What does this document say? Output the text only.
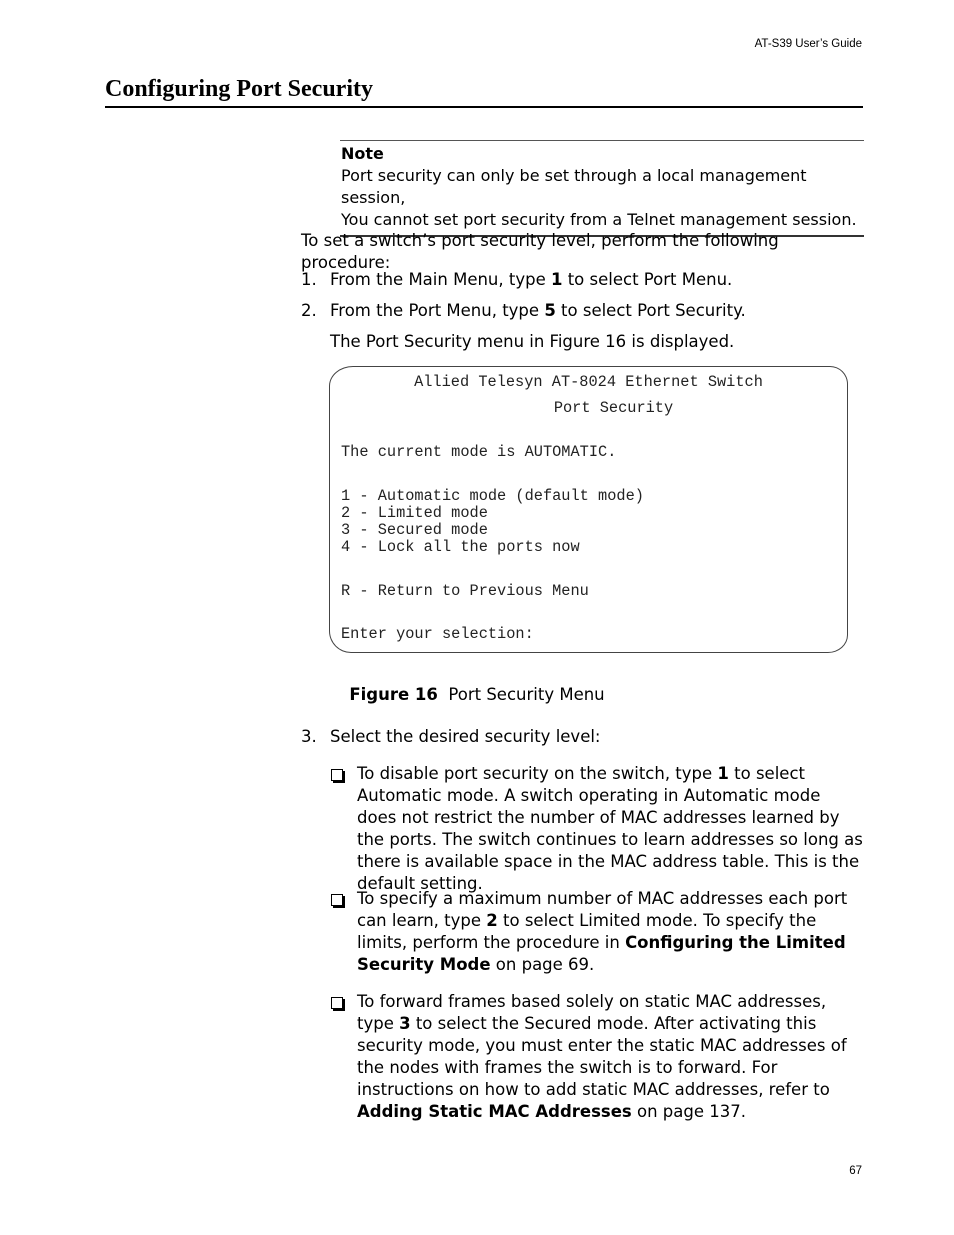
AT-S39 User’s Guide
Configuring Port Security
Note
Port security can only be set through a local management session,
You cannot set port security from a Telnet management session.
To set a switch’s port security level, perform the following procedure:
1. From the Main Menu, type 1 to select Port Menu.
2. From the Port Menu, type 5 to select Port Security.
The Port Security menu in Figure 16 is displayed.
Allied Telesyn AT-8024 Ethernet Switch
Port Security
The current mode is AUTOMATIC.
1 - Automatic mode (default mode)
2 - Limited mode
3 - Secured mode
4 - Lock all the ports now
R - Return to Previous Menu
Enter your selection:
Figure 16 Port Security Menu
3. Select the desired security level:
To disable port security on the switch, type 1 to select Automatic mode. A switch operating in Automatic mode does not restrict the number of MAC addresses learned by the ports. The switch continues to learn addresses so long as there is available space in the MAC address table. This is the default setting.
To specify a maximum number of MAC addresses each port can learn, type 2 to select Limited mode. To specify the limits, perform the procedure in Configuring the Limited Security Mode on page 69.
To forward frames based solely on static MAC addresses, type 3 to select the Secured mode. After activating this security mode, you must enter the static MAC addresses of the nodes with frames the switch is to forward. For instructions on how to add static MAC addresses, refer to Adding Static MAC Addresses on page 137.
67
